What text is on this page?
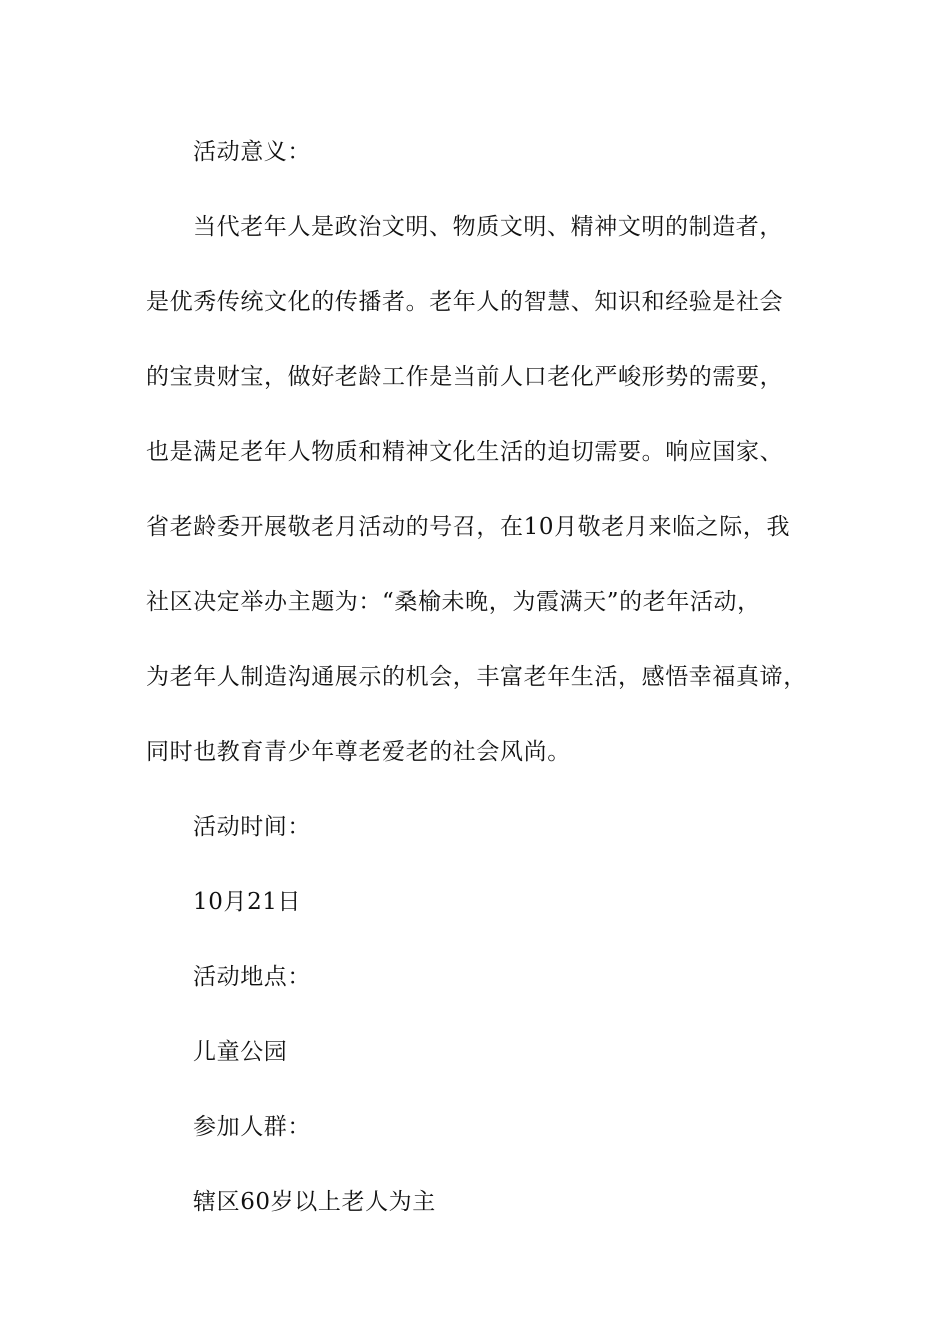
活动意义：
当代老年人是政治文明、物质文明、精神文明的制造者，
是优秀传统文化的传播者。老年人的智慧、知识和经验是社会
的宝贵财宝，做好老龄工作是当前人口老化严峻形势的需要，
也是满足老年人物质和精神文化生活的迫切需要。响应国家、
省老龄委开展敬老月活动的号召，在10月敬老月来临之际，我
社区决定举办主题为：“桑榆未晚，为霞满天”的老年活动，
为老年人制造沟通展示的机会，丰富老年生活，感悟幸福真谛，
同时也教育青少年尊老爱老的社会风尚。
活动时间：
10月21日
活动地点：
儿童公园
参加人群：
辖区60岁以上老人为主
